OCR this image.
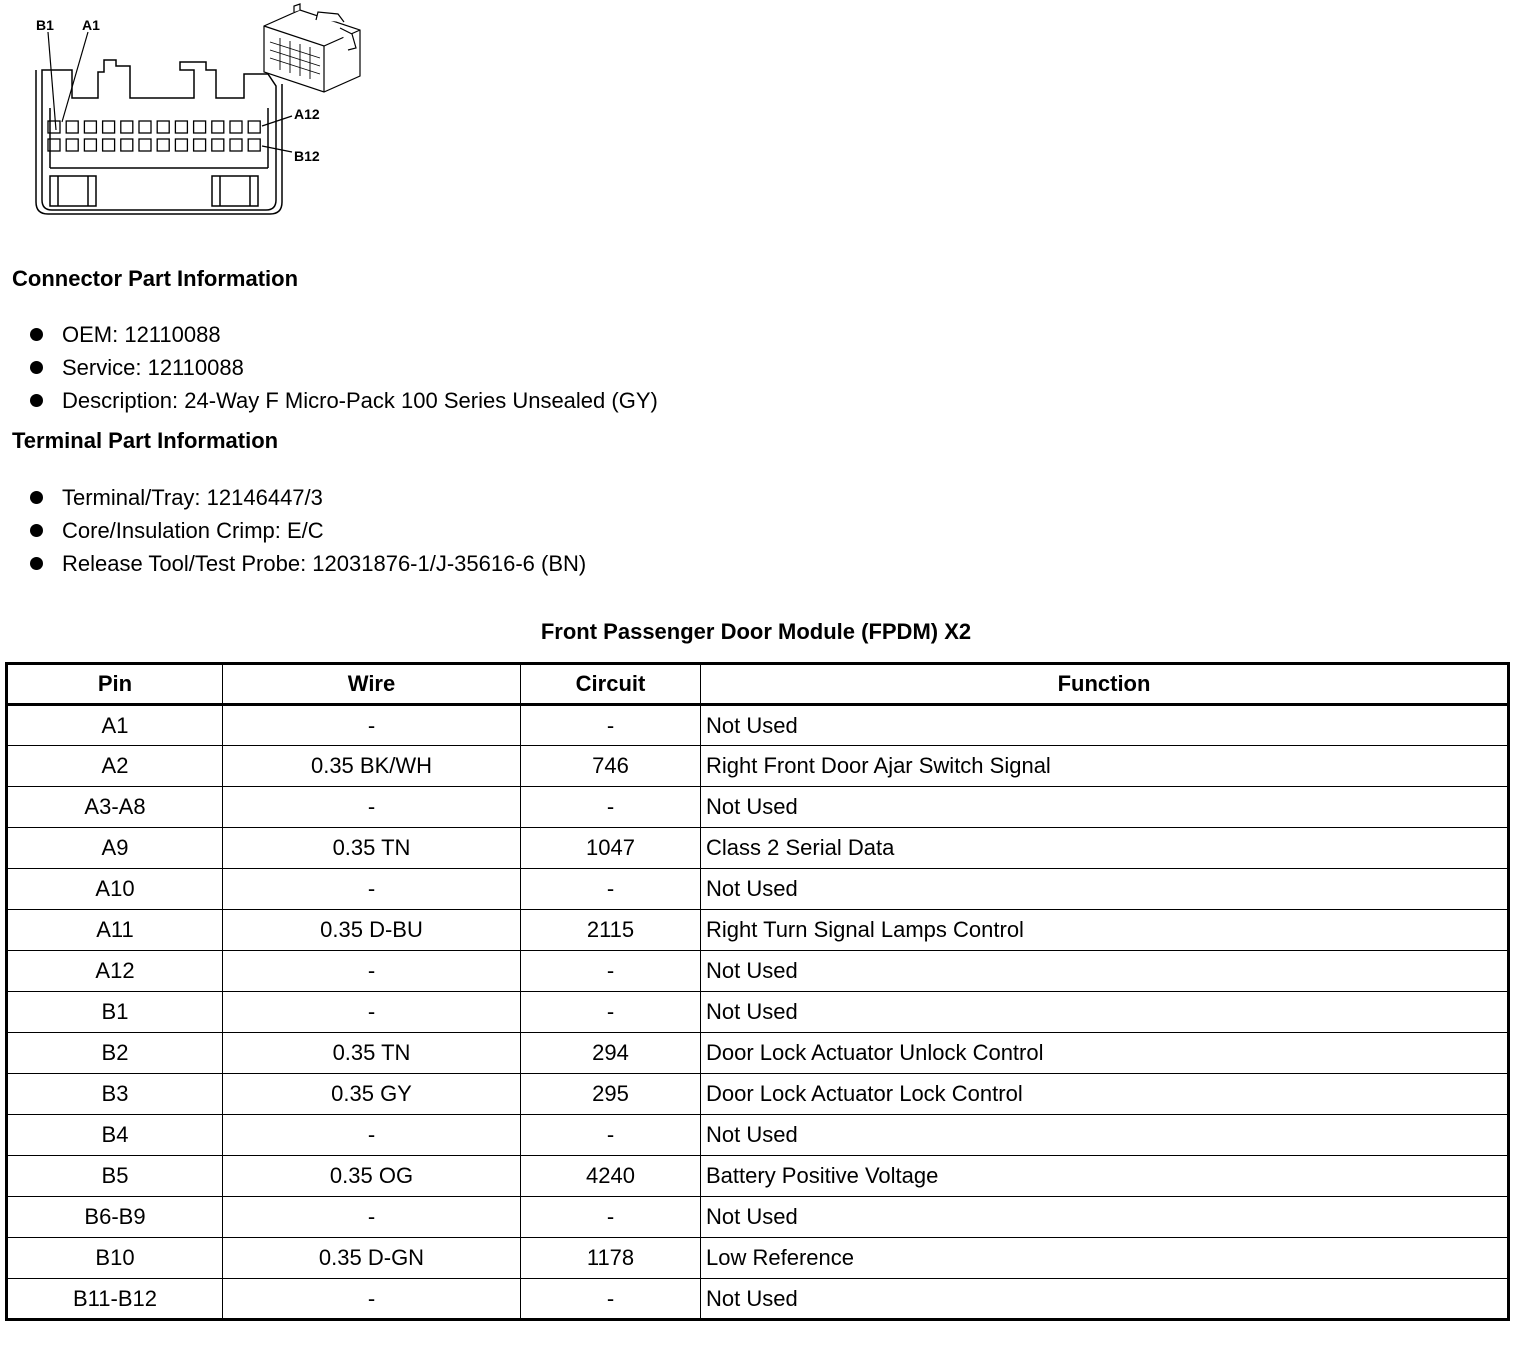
B1 A1
A12
B12
Connector Part Information
OEM: 12110088
Service: 12110088
Description: 24-Way F Micro-Pack 100 Series Unsealed (GY)
Terminal Part Information
Terminal/Tray: 12146447/3
Core/Insulation Crimp: E/C
Release Tool/Test Probe: 12031876-1/J-35616-6 (BN)
Front Passenger Door Module (FPDM) X2
Pin	Wire	Circuit	Function
A1	-	-	Not Used
A2	0.35 BK/WH	746	Right Front Door Ajar Switch Signal
A3-A8	-	-	Not Used
A9	0.35 TN	1047	Class 2 Serial Data
A10	-	-	Not Used
A11	0.35 D-BU	2115	Right Turn Signal Lamps Control
A12	-	-	Not Used
B1	-	-	Not Used
B2	0.35 TN	294	Door Lock Actuator Unlock Control
B3	0.35 GY	295	Door Lock Actuator Lock Control
B4	-	-	Not Used
B5	0.35 OG	4240	Battery Positive Voltage
B6-B9	-	-	Not Used
B10	0.35 D-GN	1178	Low Reference
B11-B12	-	-	Not Used
